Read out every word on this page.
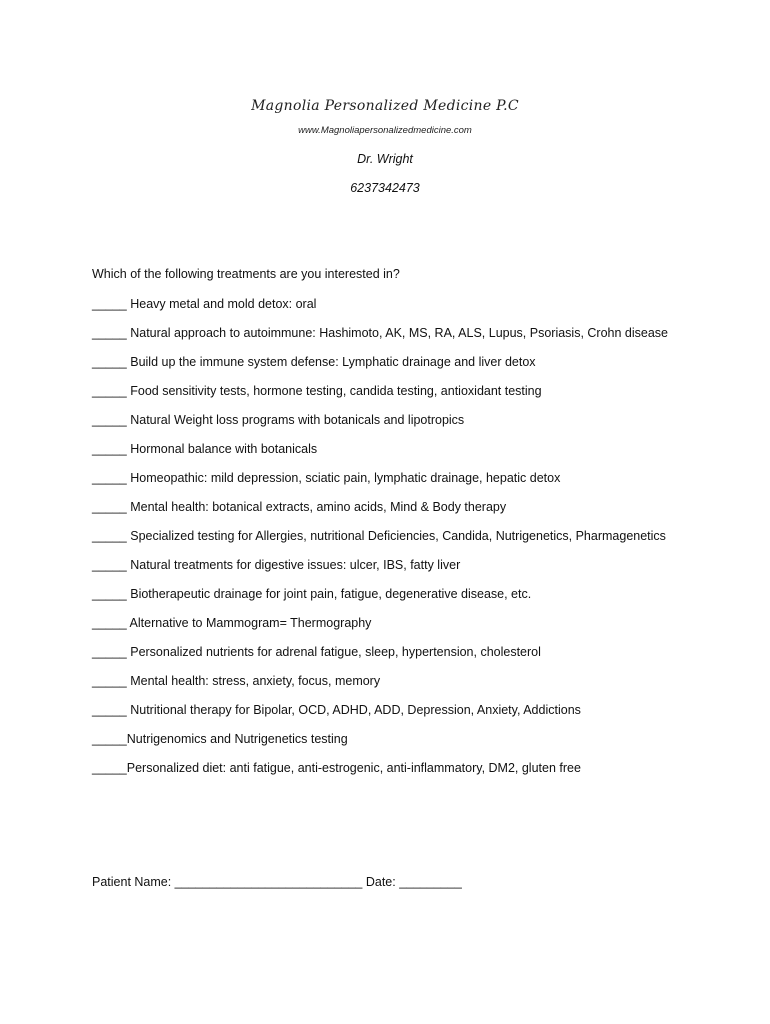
Magnolia Personalized Medicine P.C
www.Magnoliapersonalizedmedicine.com
Dr. Wright
6237342473
Which of the following treatments are you interested in?
_____ Heavy metal and mold detox: oral
_____ Natural approach to autoimmune: Hashimoto, AK, MS, RA, ALS, Lupus, Psoriasis, Crohn disease
_____ Build up the immune system defense: Lymphatic drainage and liver detox
_____ Food sensitivity tests, hormone testing, candida testing, antioxidant testing
_____ Natural Weight loss programs with botanicals and lipotropics
_____ Hormonal balance with botanicals
_____ Homeopathic: mild depression, sciatic pain, lymphatic drainage, hepatic detox
_____ Mental health: botanical extracts, amino acids, Mind & Body therapy
_____ Specialized testing for Allergies, nutritional Deficiencies, Candida, Nutrigenetics, Pharmagenetics
_____ Natural treatments for digestive issues: ulcer, IBS, fatty liver
_____ Biotherapeutic drainage for joint pain, fatigue, degenerative disease, etc.
_____ Alternative to Mammogram= Thermography
_____ Personalized nutrients for adrenal fatigue, sleep, hypertension, cholesterol
_____ Mental health: stress, anxiety, focus, memory
_____ Nutritional therapy for Bipolar, OCD, ADHD, ADD, Depression, Anxiety, Addictions
_____Nutrigenomics and Nutrigenetics testing
_____Personalized diet: anti fatigue, anti-estrogenic, anti-inflammatory, DM2, gluten free
Patient Name: ___________________________ Date: _________
